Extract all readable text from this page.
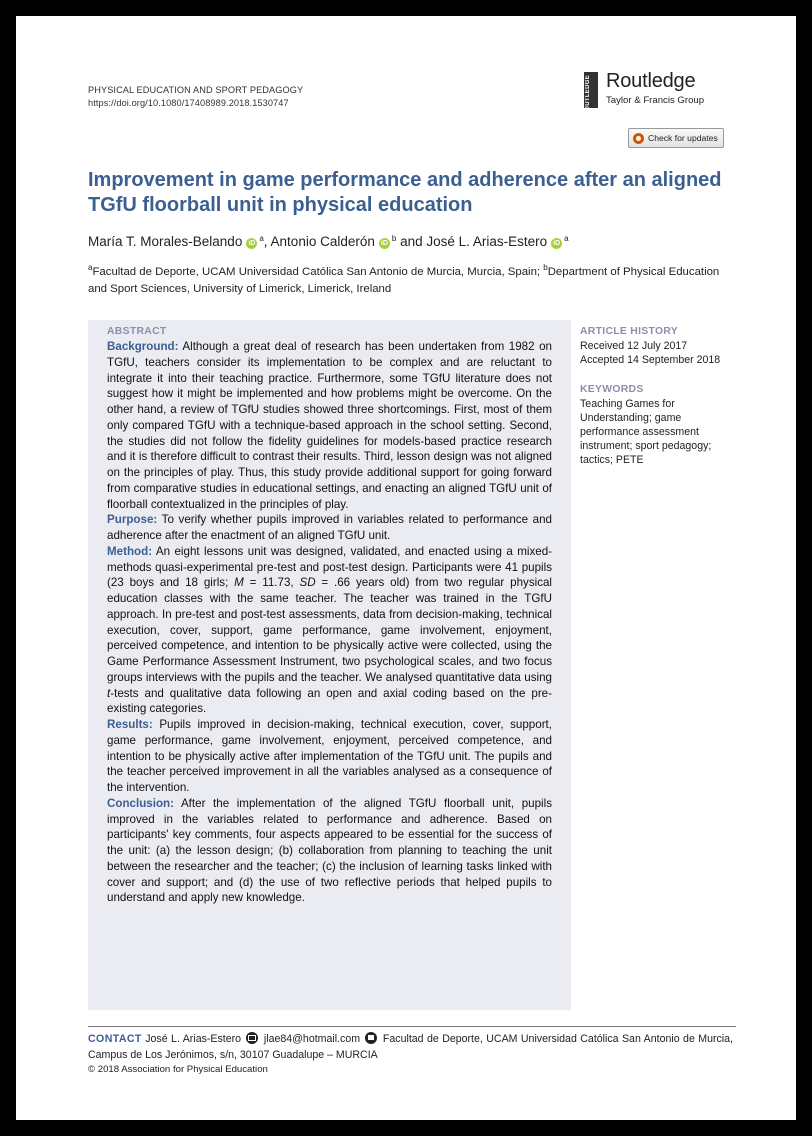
PHYSICAL EDUCATION AND SPORT PEDAGOGY
https://doi.org/10.1080/17408989.2018.1530747	ROUTLEDGE Routledge
Taylor & Francis Group
Check for updates
Improvement in game performance and adherence after an aligned TGfU floorball unit in physical education
María T. Morales-Belando $iD^a$, Antonio Calderón $iD^b$ and José L. Arias-Estero $iD^a$
$^a$Facultad de Deporte, UCAM Universidad Católica San Antonio de Murcia, Murcia, Spain; $^b$Department of Physical Education and Sport Sciences, University of Limerick, Limerick, Ireland
ABSTRACT

Background: Although a great deal of research has been undertaken from 1982 on TGfU, teachers consider its implementation to be complex and are reluctant to integrate it into their teaching practice. Furthermore, some TGfU literature does not suggest how it might be implemented and how problems might be overcome. On the other hand, a review of TGfU studies showed three shortcomings. First, most of them only compared TGfU with a technique-based approach in the school setting. Second, the studies did not follow the fidelity guidelines for models-based practice research and it is therefore difficult to contrast their results. Third, lesson design was not aligned on the principles of play. Thus, this study provide additional support for going forward from comparative studies in educational settings, and enacting an aligned TGfU unit of floorball contextualized in the principles of play.

Purpose: To verify whether pupils improved in variables related to performance and adherence after the enactment of an aligned TGfU unit.

Method: An eight lessons unit was designed, validated, and enacted using a mixed-methods quasi-experimental pre-test and post-test design. Participants were 41 pupils (23 boys and 18 girls; M = 11.73, SD = .66 years old) from two regular physical education classes with the same teacher. The teacher was trained in the TGfU approach. In pre-test and post-test assessments, data from decision-making, technical execution, cover, support, game performance, game involvement, enjoyment, perceived competence, and intention to be physically active were collected, using the Game Performance Assessment Instrument, two psychological scales, and two focus groups interviews with the pupils and the teacher. We analysed quantitative data using t-tests and qualitative data following an open and axial coding based on the pre-existing categories.

Results: Pupils improved in decision-making, technical execution, cover, support, game performance, game involvement, enjoyment, perceived competence, and intention to be physically active after implementation of the TGfU unit. The pupils and the teacher perceived improvement in all the variables analysed as a consequence of the intervention.

Conclusion: After the implementation of the aligned TGfU floorball unit, pupils improved in the variables related to performance and adherence. Based on participants' key comments, four aspects appeared to be essential for the success of the unit: (a) the lesson design; (b) collaboration from planning to teaching the unit between the researcher and the teacher; (c) the inclusion of learning tasks linked with cover and support; and (d) the use of two reflective periods that helped pupils to understand and apply new knowledge.

ARTICLE HISTORY
Received 12 July 2017
Accepted 14 September 2018
KEYWORDS
Teaching Games for Understanding; game performance assessment instrument; sport pedagogy; tactics; PETE
CONTACT José L. Arias-Estero  jlae84@hotmail.com  Facultad de Deporte, UCAM Universidad Católica San Antonio de Murcia, Campus de Los Jerónimos, s/n, 30107 Guadalupe – MURCIA
© 2018 Association for Physical Education
